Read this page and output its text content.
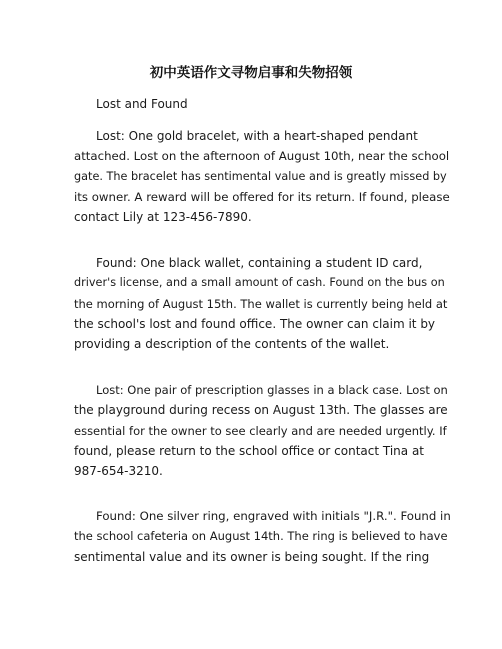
初中英语作文寻物启事和失物招领
Lost and Found
Lost: One gold bracelet, with a heart-shaped pendant
attached. Lost on the afternoon of August 10th, near the school
gate. The bracelet has sentimental value and is greatly missed by
its owner. A reward will be offered for its return. If found, please
contact Lily at 123-456-7890.
Found: One black wallet, containing a student ID card,
driver's license, and a small amount of cash. Found on the bus on
the morning of August 15th. The wallet is currently being held at
the school's lost and found office. The owner can claim it by
providing a description of the contents of the wallet.
Lost: One pair of prescription glasses in a black case. Lost on
the playground during recess on August 13th. The glasses are
essential for the owner to see clearly and are needed urgently. If
found, please return to the school office or contact Tina at
987-654-3210.
Found: One silver ring, engraved with initials "J.R.". Found in
the school cafeteria on August 14th. The ring is believed to have
sentimental value and its owner is being sought. If the ring
